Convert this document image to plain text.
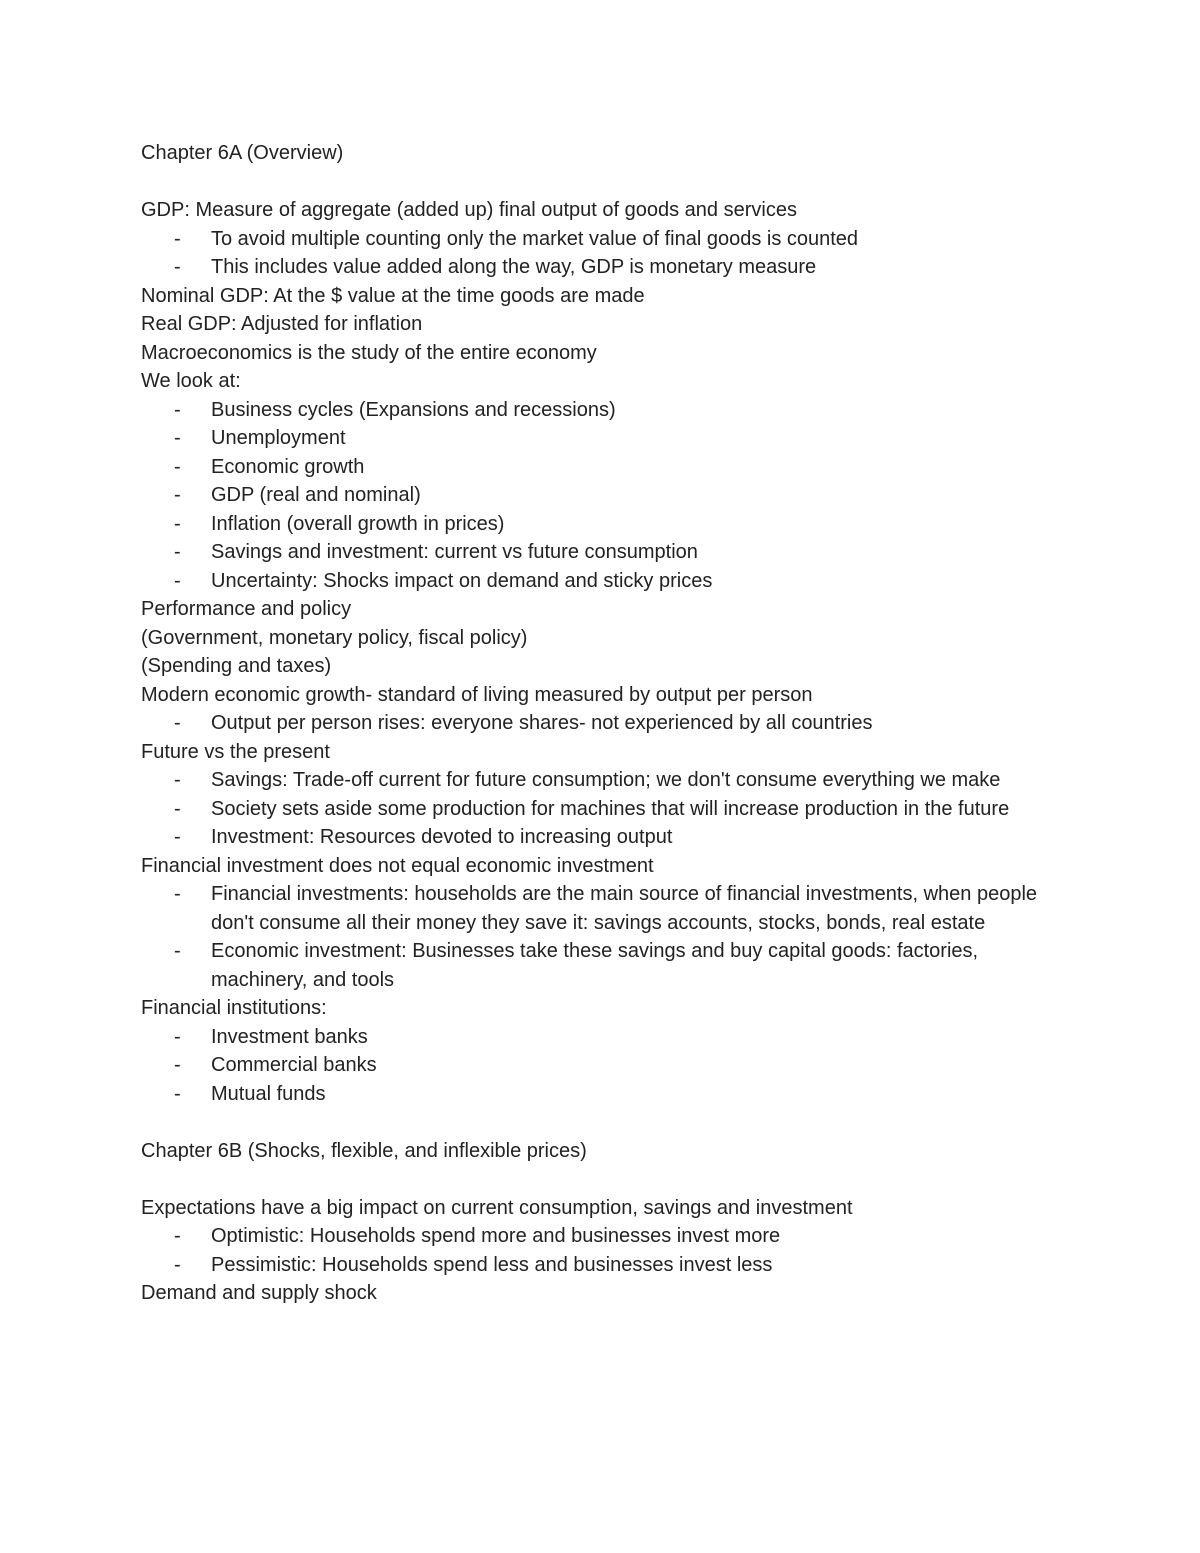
Chapter 6A (Overview)
GDP: Measure of aggregate (added up) final output of goods and services
-	To avoid multiple counting only the market value of final goods is counted
-	This includes value added along the way, GDP is monetary measure
Nominal GDP: At the $ value at the time goods are made
Real GDP: Adjusted for inflation
Macroeconomics is the study of the entire economy
We look at:
-	Business cycles (Expansions and recessions)
-	Unemployment
-	Economic growth
-	GDP (real and nominal)
-	Inflation (overall growth in prices)
-	Savings and investment: current vs future consumption
-	Uncertainty: Shocks impact on demand and sticky prices
Performance and policy
(Government, monetary policy, fiscal policy)
(Spending and taxes)
Modern economic growth- standard of living measured by output per person
-	Output per person rises: everyone shares- not experienced by all countries
Future vs the present
-	Savings: Trade-off current for future consumption; we don't consume everything we make
-	Society sets aside some production for machines that will increase production in the future
-	Investment: Resources devoted to increasing output
Financial investment does not equal economic investment
-	Financial investments: households are the main source of financial investments, when people don't consume all their money they save it: savings accounts, stocks, bonds, real estate
-	Economic investment: Businesses take these savings and buy capital goods: factories, machinery, and tools
Financial institutions:
-	Investment banks
-	Commercial banks
-	Mutual funds
Chapter 6B (Shocks, flexible, and inflexible prices)
Expectations have a big impact on current consumption, savings and investment
-	Optimistic: Households spend more and businesses invest more
-	Pessimistic: Households spend less and businesses invest less
Demand and supply shock
